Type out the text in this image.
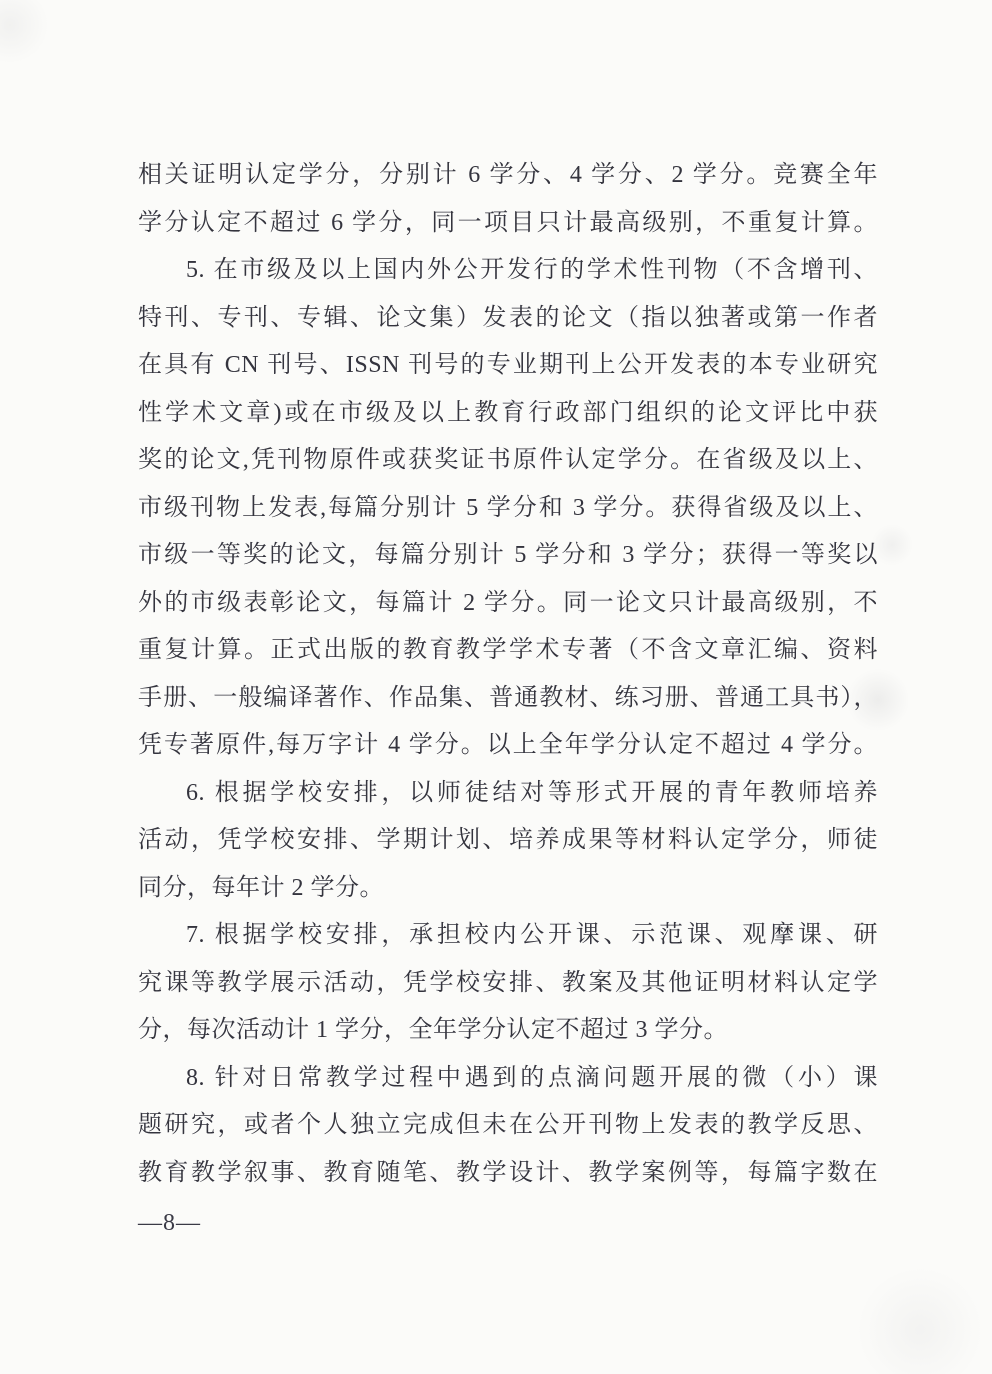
相关证明认定学分，分别计 6 学分、4 学分、2 学分。竞赛全年
学分认定不超过 6 学分，同一项目只计最高级别，不重复计算。
5. 在市级及以上国内外公开发行的学术性刊物（不含增刊、
特刊、专刊、专辑、论文集）发表的论文（指以独著或第一作者
在具有 CN 刊号、ISSN 刊号的专业期刊上公开发表的本专业研究
性学术文章)或在市级及以上教育行政部门组织的论文评比中获
奖的论文,凭刊物原件或获奖证书原件认定学分。在省级及以上、
市级刊物上发表,每篇分别计 5 学分和 3 学分。获得省级及以上、
市级一等奖的论文，每篇分别计 5 学分和 3 学分；获得一等奖以
外的市级表彰论文，每篇计 2 学分。同一论文只计最高级别，不
重复计算。正式出版的教育教学学术专著（不含文章汇编、资料
手册、一般编译著作、作品集、普通教材、练习册、普通工具书），
凭专著原件,每万字计 4 学分。以上全年学分认定不超过 4 学分。
6. 根据学校安排，以师徒结对等形式开展的青年教师培养
活动，凭学校安排、学期计划、培养成果等材料认定学分，师徒
同分，每年计 2 学分。
7. 根据学校安排，承担校内公开课、示范课、观摩课、研
究课等教学展示活动，凭学校安排、教案及其他证明材料认定学
分，每次活动计 1 学分，全年学分认定不超过 3 学分。
8. 针对日常教学过程中遇到的点滴问题开展的微（小）课
题研究，或者个人独立完成但未在公开刊物上发表的教学反思、
教育教学叙事、教育随笔、教学设计、教学案例等，每篇字数在
—8—
